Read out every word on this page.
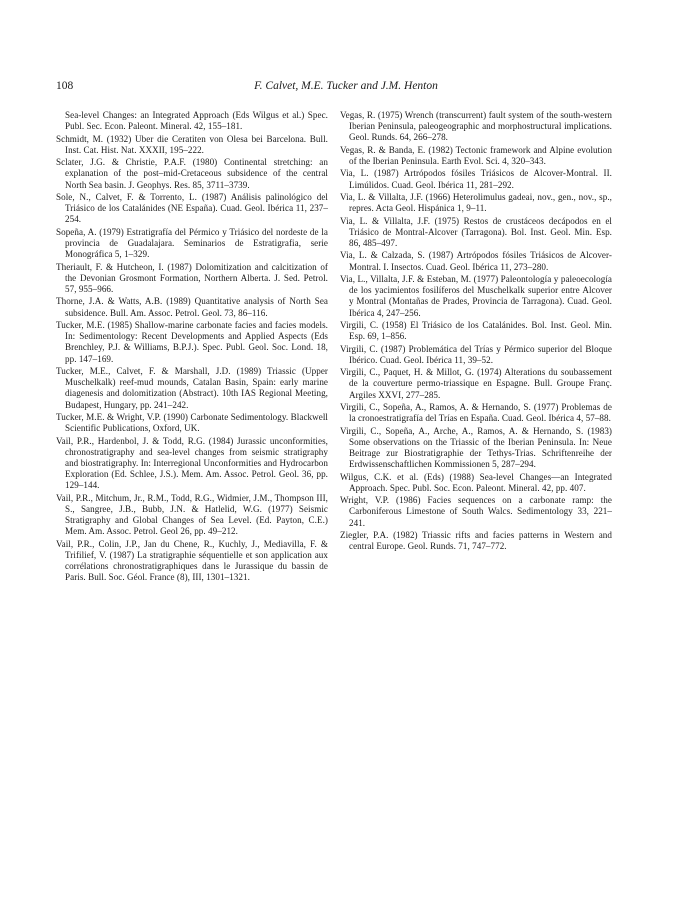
108	F. Calvet, M.E. Tucker and J.M. Henton

Sea-level Changes: an Integrated Approach (Eds Wilgus et al.) Spec. Publ. Sec. Econ. Paleont. Mineral. 42, 155–181.

Schmidt, M. (1932) Uber die Ceratiten von Olesa bei Barcelona. Bull. Inst. Cat. Hist. Nat. XXXII, 195–222.

Sclater, J.G. & Christie, P.A.F. (1980) Continental stretching: an explanation of the post–mid-Cretaceous subsidence of the central North Sea basin. J. Geophys. Res. 85, 3711–3739.

Sole, N., Calvet, F. & Torrento, L. (1987) Análisis palinológico del Triásico de los Catalánides (NE España). Cuad. Geol. Ibérica 11, 237–254.

Sopeña, A. (1979) Estratigrafía del Pérmico y Triásico del nordeste de la provincia de Guadalajara. Seminarios de Estratigrafia, serie Monográfica 5, 1–329.

Theriault, F. & Hutcheon, I. (1987) Dolomitization and calcitization of the Devonian Grosmont Formation, Northern Alberta. J. Sed. Petrol. 57, 955–966.

Thorne, J.A. & Watts, A.B. (1989) Quantitative analysis of North Sea subsidence. Bull. Am. Assoc. Petrol. Geol. 73, 86–116.

Tucker, M.E. (1985) Shallow-marine carbonate facies and facies models. In: Sedimentology: Recent Developments and Applied Aspects (Eds Brenchley, P.J. & Williams, B.P.J.). Spec. Publ. Geol. Soc. Lond. 18, pp. 147–169.

Tucker, M.E., Calvet, F. & Marshall, J.D. (1989) Triassic (Upper Muschelkalk) reef-mud mounds, Catalan Basin, Spain: early marine diagenesis and dolomitization (Abstract). 10th IAS Regional Meeting, Budapest, Hungary, pp. 241–242.

Tucker, M.E. & Wright, V.P. (1990) Carbonate Sedimentology. Blackwell Scientific Publications, Oxford, UK.

Vail, P.R., Hardenbol, J. & Todd, R.G. (1984) Jurassic unconformities, chronostratigraphy and sea-level changes from seismic stratigraphy and biostratigraphy. In: Interregional Unconformities and Hydrocarbon Exploration (Ed. Schlee, J.S.). Mem. Am. Assoc. Petrol. Geol. 36, pp. 129–144.

Vail, P.R., Mitchum, Jr., R.M., Todd, R.G., Widmier, J.M., Thompson III, S., Sangree, J.B., Bubb, J.N. & Hatlelid, W.G. (1977) Seismic Stratigraphy and Global Changes of Sea Level. (Ed. Payton, C.E.) Mem. Am. Assoc. Petrol. Geol 26, pp. 49–212.

Vail, P.R., Colin, J.P., Jan du Chene, R., Kuchly, J., Mediavilla, F. & Trifilief, V. (1987) La stratigraphie séquentielle et son application aux corrélations chronostratigraphiques dans le Jurassique du bassin de Paris. Bull. Soc. Géol. France (8), III, 1301–1321.

Vegas, R. (1975) Wrench (transcurrent) fault system of the south-western Iberian Peninsula, paleogeographic and morphostructural implications. Geol. Runds. 64, 266–278.

Vegas, R. & Banda, E. (1982) Tectonic framework and Alpine evolution of the Iberian Peninsula. Earth Evol. Sci. 4, 320–343.

Via, L. (1987) Artrópodos fósiles Triásicos de Alcover-Montral. II. Limúlidos. Cuad. Geol. Ibérica 11, 281–292.

Via, L. & Villalta, J.F. (1966) Heterolimulus gadeai, nov., gen., nov., sp., repres. Acta Geol. Hispánica 1, 9–11.

Via, L. & Villalta, J.F. (1975) Restos de crustáceos decápodos en el Triásico de Montral-Alcover (Tarragona). Bol. Inst. Geol. Min. Esp. 86, 485–497.

Via, L. & Calzada, S. (1987) Artrópodos fósiles Triásicos de Alcover-Montral. I. Insectos. Cuad. Geol. Ibérica 11, 273–280.

Via, L., Villalta, J.F. & Esteban, M. (1977) Paleontología y paleoecología de los yacimientos fosilíferos del Muschelkalk superior entre Alcover y Montral (Montañas de Prades, Provincia de Tarragona). Cuad. Geol. Ibérica 4, 247–256.

Virgili, C. (1958) El Triásico de los Catalánides. Bol. Inst. Geol. Min. Esp. 69, 1–856.

Virgili, C. (1987) Problemática del Trías y Pérmico superior del Bloque Ibérico. Cuad. Geol. Ibérica 11, 39–52.

Virgili, C., Paquet, H. & Millot, G. (1974) Alterations du soubassement de la couverture permo-triassique en Espagne. Bull. Groupe Franç. Argiles XXVI, 277–285.

Virgili, C., Sopeña, A., Ramos, A. & Hernando, S. (1977) Problemas de la cronoestratigrafía del Trías en España. Cuad. Geol. Ibérica 4, 57–88.

Virgili, C., Sopeña, A., Arche, A., Ramos, A. & Hernando, S. (1983) Some observations on the Triassic of the Iberian Peninsula. In: Neue Beitrage zur Biostratigraphie der Tethys-Trias. Schriftenreihe der Erdwissenschaftlichen Kommissionen 5, 287–294.

Wilgus, C.K. et al. (Eds) (1988) Sea-level Changes—an Integrated Approach. Spec. Publ. Soc. Econ. Paleont. Mineral. 42, pp. 407.

Wright, V.P. (1986) Facies sequences on a carbonate ramp: the Carboniferous Limestone of South Walcs. Sedimentology 33, 221–241.

Ziegler, P.A. (1982) Triassic rifts and facies patterns in Western and central Europe. Geol. Runds. 71, 747–772.
